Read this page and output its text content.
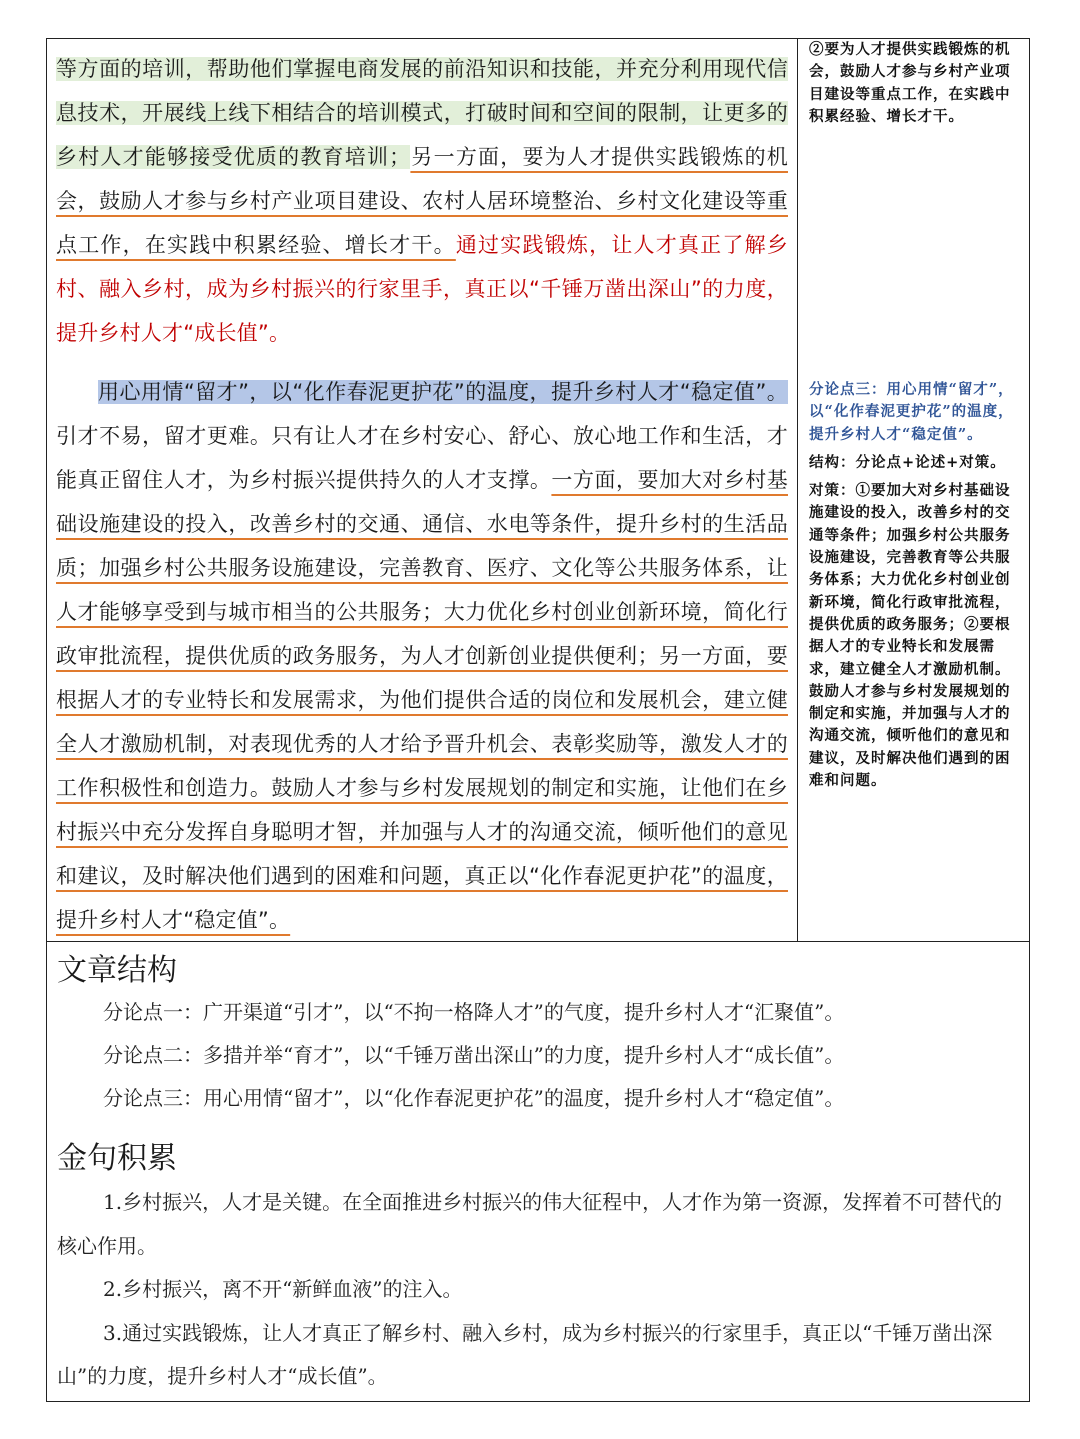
等方面的培训，帮助他们掌握电商发展的前沿知识和技能，并充分利用现代信息技术，开展线上线下相结合的培训模式，打破时间和空间的限制，让更多的乡村人才能够接受优质的教育培训；另一方面，要为人才提供实践锻炼的机会，鼓励人才参与乡村产业项目建设、农村人居环境整治、乡村文化建设等重点工作，在实践中积累经验、增长才干。通过实践锻炼，让人才真正了解乡村、融入乡村，成为乡村振兴的行家里手，真正以“千锤万凿出深山”的力度，提升乡村人才“成长值”。

用心用情“留才”，以“化作春泥更护花”的温度，提升乡村人才“稳定值”。引才不易，留才更难。只有让人才在乡村安心、舒心、放心地工作和生活，才能真正留住人才，为乡村振兴提供持久的人才支撑。一方面，要加大对乡村基础设施建设的投入，改善乡村的交通、通信、水电等条件，提升乡村的生活品质；加强乡村公共服务设施建设，完善教育、医疗、文化等公共服务体系，让人才能够享受到与城市相当的公共服务；大力优化乡村创业创新环境，简化行政审批流程，提供优质的政务服务，为人才创新创业提供便利；另一方面，要根据人才的专业特长和发展需求，为他们提供合适的岗位和发展机会，建立健全人才激励机制，对表现优秀的人才给予晋升机会、表彰奖励等，激发人才的工作积极性和创造力。鼓励人才参与乡村发展规划的制定和实施，让他们在乡村振兴中充分发挥自身聪明才智，并加强与人才的沟通交流，倾听他们的意见和建议，及时解决他们遇到的困难和问题，真正以“化作春泥更护花”的温度，提升乡村人才“稳定值”。

②要为人才提供实践锻炼的机会，鼓励人才参与乡村产业项目建设等重点工作，在实践中积累经验、增长才干。

分论点三：用心用情“留才”，以“化作春泥更护花”的温度，提升乡村人才“稳定值”。

结构：分论点+论述+对策。

对策：①要加大对乡村基础设施建设的投入，改善乡村的交通等条件；加强乡村公共服务设施建设，完善教育等公共服务体系；大力优化乡村创业创新环境，简化行政审批流程，提供优质的政务服务；②要根据人才的专业特长和发展需求，建立健全人才激励机制。鼓励人才参与乡村发展规划的制定和实施，并加强与人才的沟通交流，倾听他们的意见和建议，及时解决他们遇到的困难和问题。

文章结构

分论点一：广开渠道“引才”，以“不拘一格降人才”的气度，提升乡村人才“汇聚值”。

分论点二：多措并举“育才”，以“千锤万凿出深山”的力度，提升乡村人才“成长值”。

分论点三：用心用情“留才”，以“化作春泥更护花”的温度，提升乡村人才“稳定值”。

金句积累

1.乡村振兴，人才是关键。在全面推进乡村振兴的伟大征程中，人才作为第一资源，发挥着不可替代的核心作用。

2.乡村振兴，离不开“新鲜血液”的注入。

3.通过实践锻炼，让人才真正了解乡村、融入乡村，成为乡村振兴的行家里手，真正以“千锤万凿出深山”的力度，提升乡村人才“成长值”。
